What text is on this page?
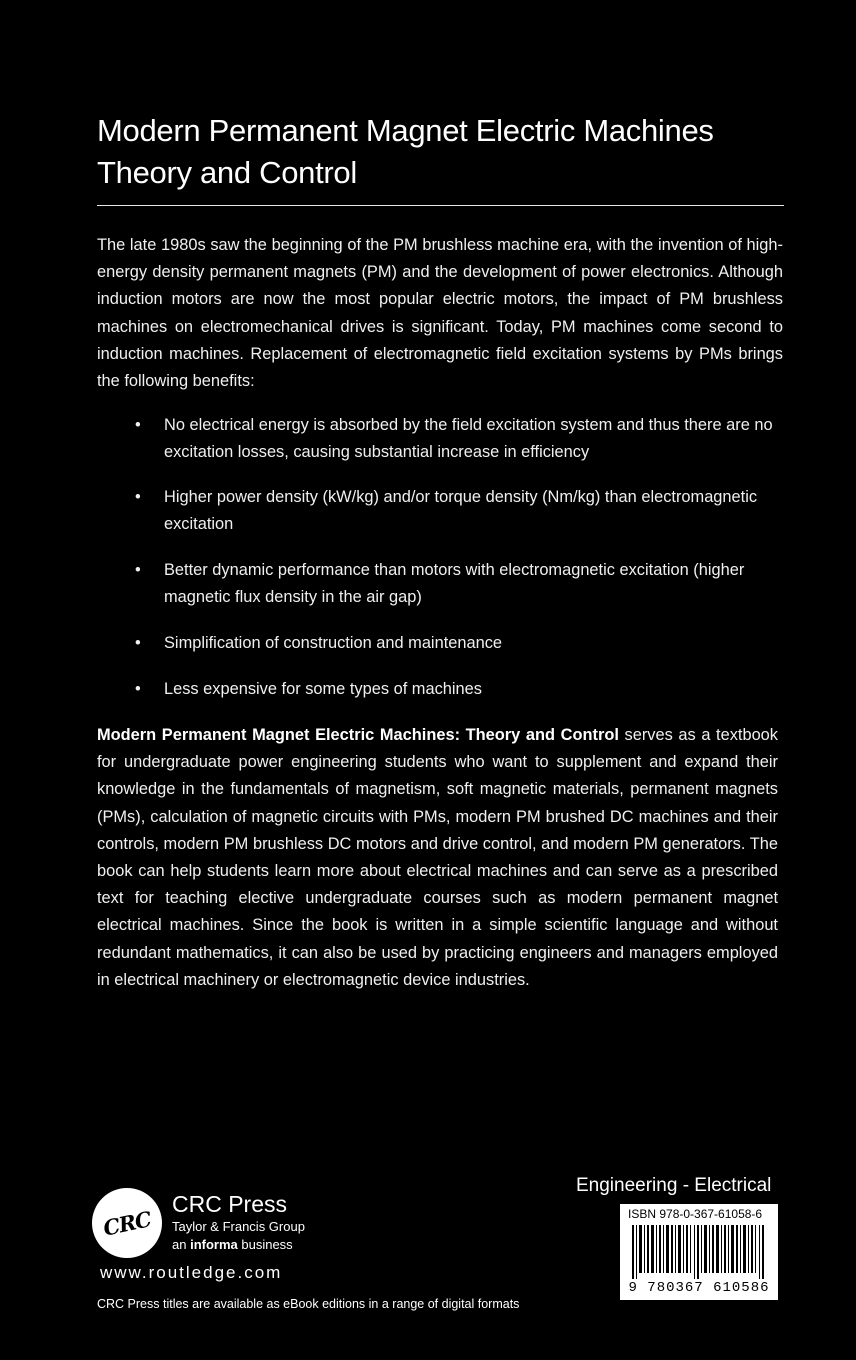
Modern Permanent Magnet Electric Machines
Theory and Control

The late 1980s saw the beginning of the PM brushless machine era, with the invention of high-energy density permanent magnets (PM) and the development of power electronics. Although induction motors are now the most popular electric motors, the impact of PM brushless machines on electromechanical drives is significant. Today, PM machines come second to induction machines. Replacement of electromagnetic field excitation systems by PMs brings the following benefits:

• No electrical energy is absorbed by the field excitation system and thus there are no excitation losses, causing substantial increase in efficiency
• Higher power density (kW/kg) and/or torque density (Nm/kg) than electromagnetic excitation
• Better dynamic performance than motors with electromagnetic excitation (higher magnetic flux density in the air gap)
• Simplification of construction and maintenance
• Less expensive for some types of machines
Modern Permanent Magnet Electric Machines: Theory and Control serves as a textbook for undergraduate power engineering students who want to supplement and expand their knowledge in the fundamentals of magnetism, soft magnetic materials, permanent magnets (PMs), calculation of magnetic circuits with PMs, modern PM brushed DC machines and their controls, modern PM brushless DC motors and drive control, and modern PM generators. The book can help students learn more about electrical machines and can serve as a prescribed text for teaching elective undergraduate courses such as modern permanent magnet electrical machines. Since the book is written in a simple scientific language and without redundant mathematics, it can also be used by practicing engineers and managers employed in electrical machinery or electromagnetic device industries.
CRC
CRC Press
Taylor & Francis Group
an informa business
www.routledge.com
CRC Press titles are available as eBook editions in a range of digital formats
Engineering - Electrical
ISBN 978-0-367-61058-6
9 780367 610586
